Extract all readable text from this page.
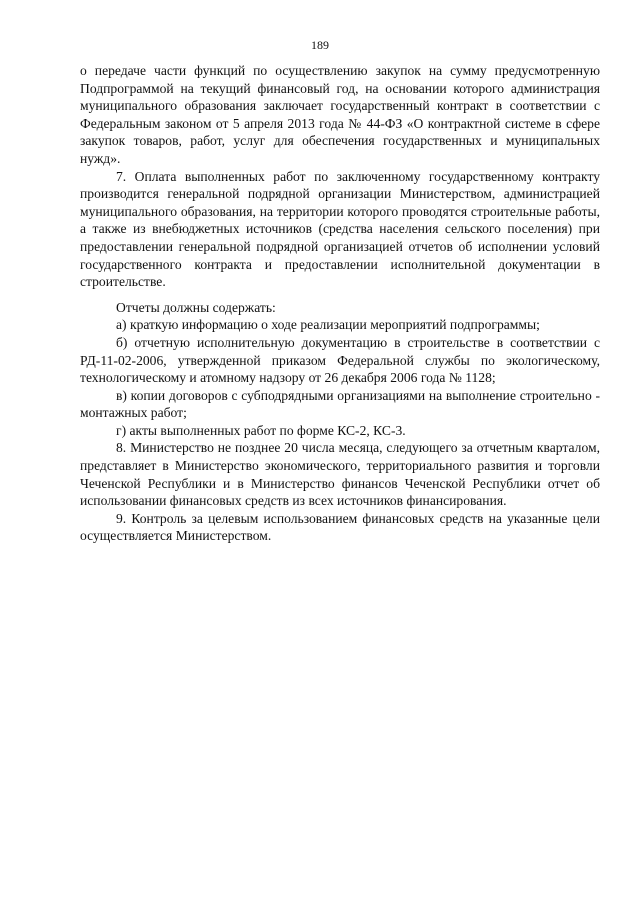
189

о передаче части функций по осуществлению закупок на сумму предусмотренную Подпрограммой на текущий финансовый год, на основании которого администрация муниципального образования заключает государственный контракт в соответствии с Федеральным законом от 5 апреля 2013 года № 44-ФЗ «О контрактной системе в сфере закупок товаров, работ, услуг для обеспечения государственных и муниципальных нужд».

7. Оплата выполненных работ по заключенному государственному контракту производится генеральной подрядной организации Министерством, администрацией муниципального образования, на территории которого проводятся строительные работы, а также из внебюджетных источников (средства населения сельского поселения) при предоставлении генеральной подрядной организацией отчетов об исполнении условий государственного контракта и предоставлении исполнительной документации в строительстве.

Отчеты должны содержать:

а) краткую информацию о ходе реализации мероприятий подпрограммы;

б) отчетную исполнительную документацию в строительстве в соответствии с РД-11-02-2006, утвержденной приказом Федеральной службы по экологическому, технологическому и атомному надзору от 26 декабря 2006 года № 1128;

в) копии договоров с субподрядными организациями на выполнение строительно - монтажных работ;

г) акты выполненных работ по форме КС-2, КС-3.

8. Министерство не позднее 20 числа месяца, следующего за отчетным кварталом, представляет в Министерство экономического, территориального развития и торговли Чеченской Республики и в Министерство финансов Чеченской Республики отчет об использовании финансовых средств из всех источников финансирования.

9. Контроль за целевым использованием финансовых средств на указанные цели осуществляется Министерством.
